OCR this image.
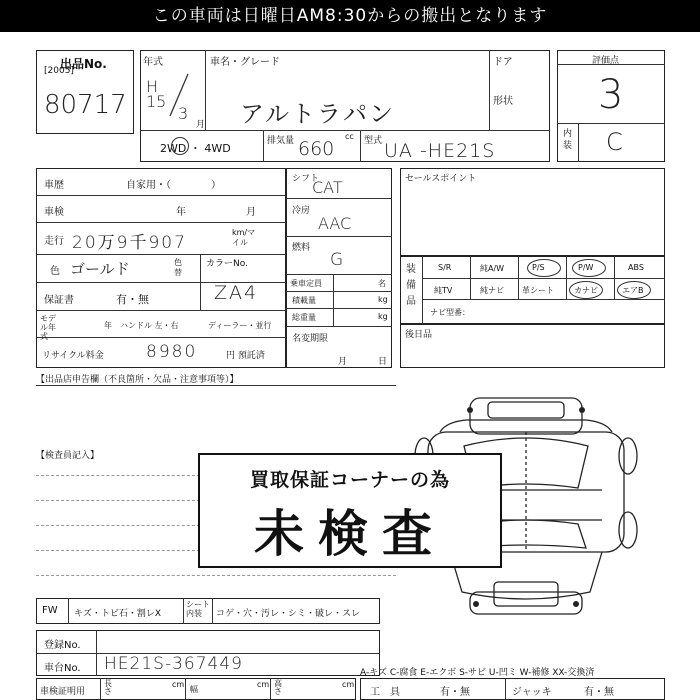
この車両は日曜日AM8:30からの搬出となります
出品No.
[2005]
80717
年式
H
15
3
月
車名・グレード
アルトラパン
ドア
形状
2WD ・ 4WD
排気量 660
cc 型式 UA -HE21S
評価点
3
内装 C
車歴	自家用・（　　　　）
車検	年	月
走行 20万9千907
km/マイル
色 ゴールド	色替
カラーNo.
保証書	有・無	ZA4
モデル年式
年 ハンドル 左・右	ディーラー・並行
リサイクル料金 8980	円 預託済
シフト
CAT
冷房
AAC
燃料
G
乗車定員	名
積載量	kg
総重量	kg
名変期限
月	日
セールスポイント
装備品
S/R	純A/W	P/S	P/W	ABS
純TV	純ナビ 革シート	カナビ	エアB
ナビ型番：
後日品
【出品店申告欄（不良箇所・欠品・注意事項等）】
【検査員記入】
買取保証コーナーの為
未検査
FW キズ・トビ石・割レX
シート内装	コゲ・穴・汚レ・シミ・破レ・スレ
登録No.
車台No. HE21S-367449
車検証明用
長さ
cm
幅
cm 高さ
cm
A-キズ C-腐食 E-エクボ S-サビ U-凹ミ W-補修 XX-交換済
工　具	有・無	ジャッキ	有・無
